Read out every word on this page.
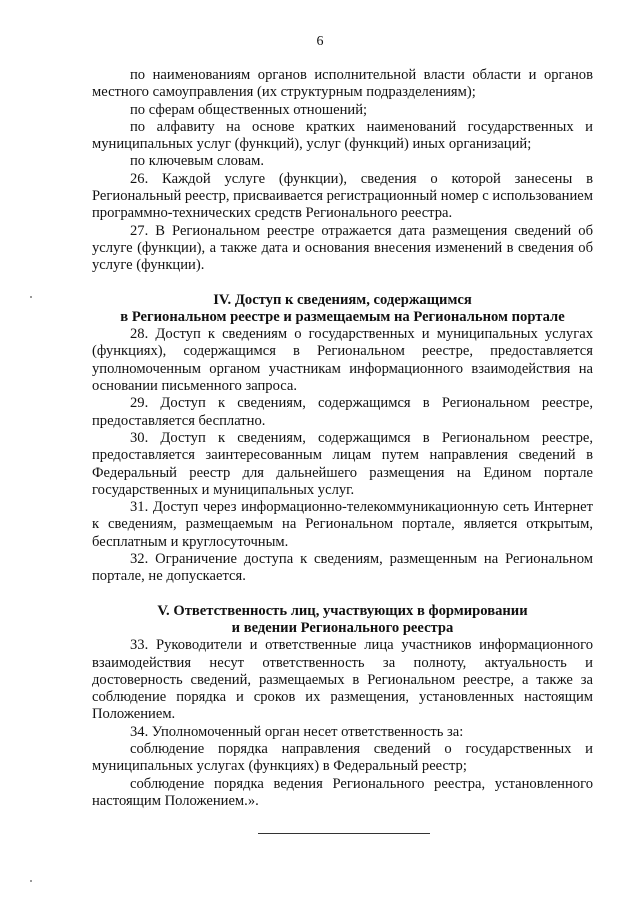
6

по наименованиям органов исполнительной власти области и органов местного самоуправления (их структурным подразделениям);

по сферам общественных отношений;

по алфавиту на основе кратких наименований государственных и муниципальных услуг (функций), услуг (функций) иных организаций;

по ключевым словам.

26. Каждой услуге (функции), сведения о которой занесены в Региональный реестр, присваивается регистрационный номер с использованием программно-технических средств Регионального реестра.

27. В Региональном реестре отражается дата размещения сведений об услуге (функции), а также дата и основания внесения изменений в сведения об услуге (функции).

IV. Доступ к сведениям, содержащимся
в Региональном реестре и размещаемым на Региональном портале

28. Доступ к сведениям о государственных и муниципальных услугах (функциях), содержащимся в Региональном реестре, предоставляется уполномоченным органом участникам информационного взаимодействия на основании письменного запроса.

29. Доступ к сведениям, содержащимся в Региональном реестре, предоставляется бесплатно.

30. Доступ к сведениям, содержащимся в Региональном реестре, предоставляется заинтересованным лицам путем направления сведений в Федеральный реестр для дальнейшего размещения на Едином портале государственных и муниципальных услуг.

31. Доступ через информационно-телекоммуникационную сеть Интернет к сведениям, размещаемым на Региональном портале, является открытым, бесплатным и круглосуточным.

32. Ограничение доступа к сведениям, размещенным на Региональном портале, не допускается.

V. Ответственность лиц, участвующих в формировании
и ведении Регионального реестра

33. Руководители и ответственные лица участников информационного взаимодействия несут ответственность за полноту, актуальность и достоверность сведений, размещаемых в Региональном реестре, а также за соблюдение порядка и сроков их размещения, установленных настоящим Положением.

34. Уполномоченный орган несет ответственность за:

соблюдение порядка направления сведений о государственных и муниципальных услугах (функциях) в Федеральный реестр;

соблюдение порядка ведения Регионального реестра, установленного настоящим Положением.».
